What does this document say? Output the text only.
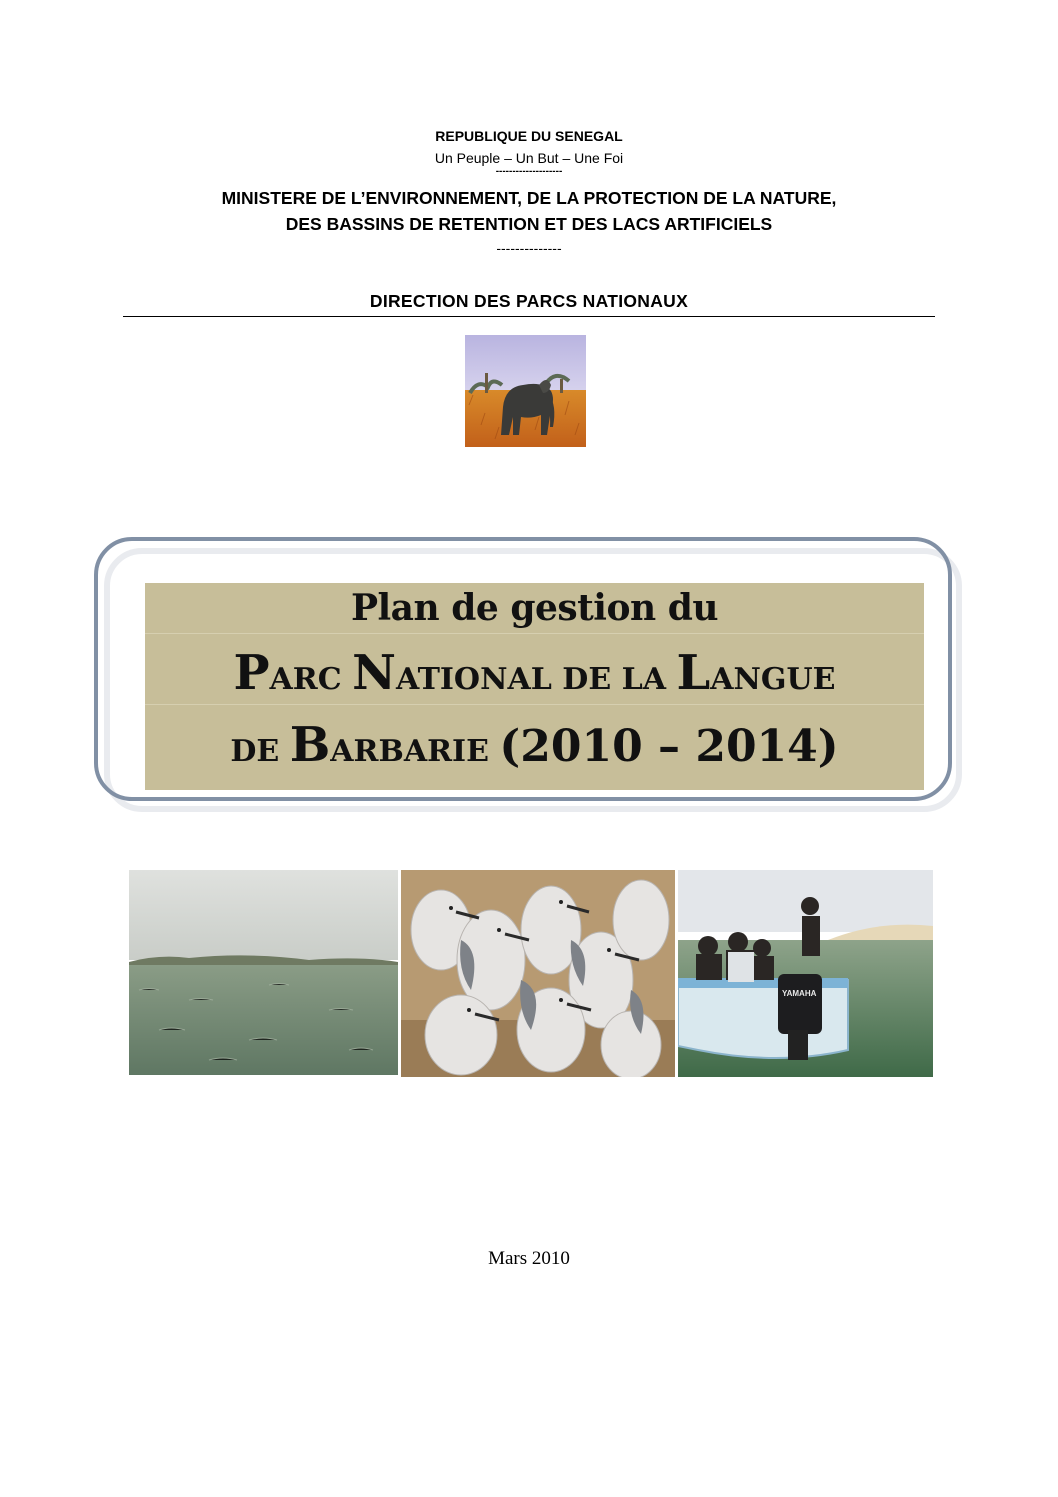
REPUBLIQUE DU SENEGAL
Un Peuple – Un But – Une Foi
--------------------
MINISTERE DE L’ENVIRONNEMENT, DE LA PROTECTION DE LA NATURE,
DES BASSINS DE RETENTION ET DES LACS ARTIFICIELS
--------------
DIRECTION DES PARCS NATIONAUX
Plan de gestion du
PARC NATIONAL DE LA LANGUE
DE BARBARIE (2010 – 2014)
YAMAHA
Mars 2010
